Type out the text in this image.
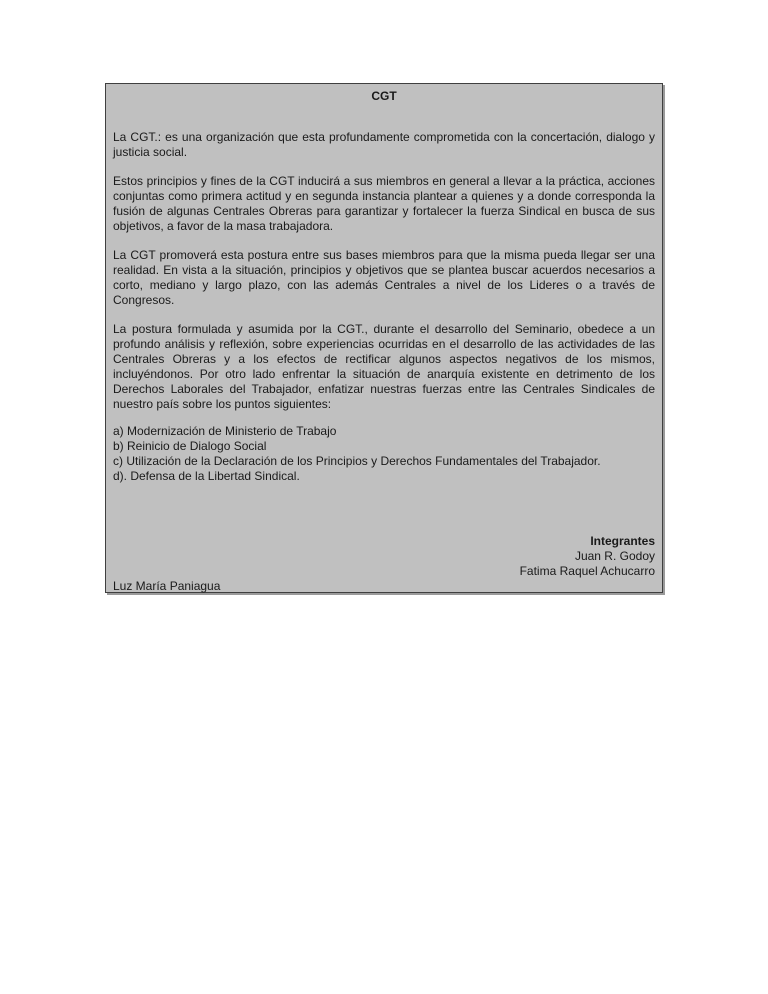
CGT

La CGT.: es una organización que esta profundamente comprometida con la concertación, dialogo y justicia social.

Estos principios y fines de la CGT inducirá a sus miembros en general a llevar a la práctica, acciones conjuntas como primera actitud y en segunda instancia plantear a quienes y a donde corresponda la fusión de algunas Centrales Obreras para garantizar y fortalecer la fuerza Sindical en busca de sus objetivos, a favor de la masa trabajadora.

La CGT promoverá esta postura entre sus bases miembros para que la misma pueda llegar ser una realidad. En vista a la situación, principios y objetivos que se plantea buscar acuerdos necesarios a corto, mediano y largo plazo, con las además Centrales a nivel de los Lideres o a través de Congresos.

La postura formulada y asumida por la CGT., durante el desarrollo del Seminario, obedece a un profundo análisis y reflexión, sobre experiencias ocurridas en el desarrollo de las actividades de las Centrales Obreras y a los efectos de rectificar algunos aspectos negativos de los mismos, incluyéndonos. Por otro lado enfrentar la situación de anarquía existente en detrimento de los Derechos Laborales del Trabajador, enfatizar nuestras fuerzas entre las Centrales Sindicales de nuestro país sobre los puntos siguientes:

a) Modernización de Ministerio de Trabajo
b) Reinicio de Dialogo Social
c) Utilización de la Declaración de los Principios y Derechos Fundamentales del Trabajador.
d). Defensa de la Libertad Sindical.
Integrantes
Juan R. Godoy
Fatima Raquel Achucarro
Luz María Paniagua
